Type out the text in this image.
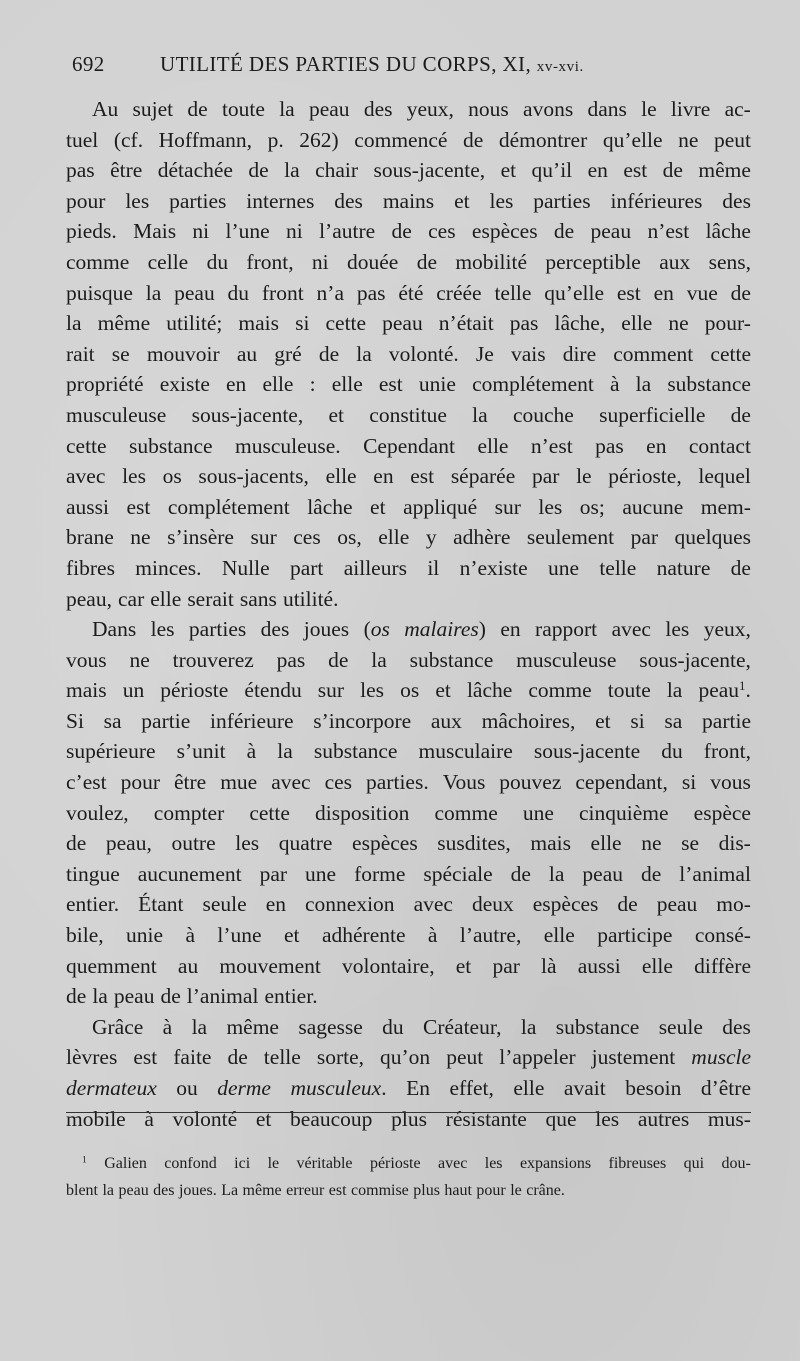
692	UTILITÉ DES PARTIES DU CORPS, XI, xv-xvi.
Au sujet de toute la peau des yeux, nous avons dans le livre ac-
tuel (cf. Hoffmann, p. 262) commencé de démontrer qu’elle ne peut
pas être détachée de la chair sous-jacente, et qu’il en est de même
pour les parties internes des mains et les parties inférieures des
pieds. Mais ni l’une ni l’autre de ces espèces de peau n’est lâche
comme celle du front, ni douée de mobilité perceptible aux sens,
puisque la peau du front n’a pas été créée telle qu’elle est en vue de
la même utilité; mais si cette peau n’était pas lâche, elle ne pour-
rait se mouvoir au gré de la volonté. Je vais dire comment cette
propriété existe en elle : elle est unie complétement à la substance
musculeuse sous-jacente, et constitue la couche superficielle de
cette substance musculeuse. Cependant elle n’est pas en contact
avec les os sous-jacents, elle en est séparée par le périoste, lequel
aussi est complétement lâche et appliqué sur les os; aucune mem-
brane ne s’insère sur ces os, elle y adhère seulement par quelques
fibres minces. Nulle part ailleurs il n’existe une telle nature de
peau, car elle serait sans utilité.
Dans les parties des joues (os malaires) en rapport avec les yeux,
vous ne trouverez pas de la substance musculeuse sous-jacente,
mais un périoste étendu sur les os et lâche comme toute la peau$^1$.
Si sa partie inférieure s’incorpore aux mâchoires, et si sa partie
supérieure s’unit à la substance musculaire sous-jacente du front,
c’est pour être mue avec ces parties. Vous pouvez cependant, si vous
voulez, compter cette disposition comme une cinquième espèce
de peau, outre les quatre espèces susdites, mais elle ne se dis-
tingue aucunement par une forme spéciale de la peau de l’animal
entier. Étant seule en connexion avec deux espèces de peau mo-
bile, unie à l’une et adhérente à l’autre, elle participe consé-
quemment au mouvement volontaire, et par là aussi elle diffère
de la peau de l’animal entier.
Grâce à la même sagesse du Créateur, la substance seule des
lèvres est faite de telle sorte, qu’on peut l’appeler justement muscle
dermateux ou derme musculeux. En effet, elle avait besoin d’être
mobile à volonté et beaucoup plus résistante que les autres mus-
$^1$ Galien confond ici le véritable périoste avec les expansions fibreuses qui dou-
blent la peau des joues. La même erreur est commise plus haut pour le crâne.
